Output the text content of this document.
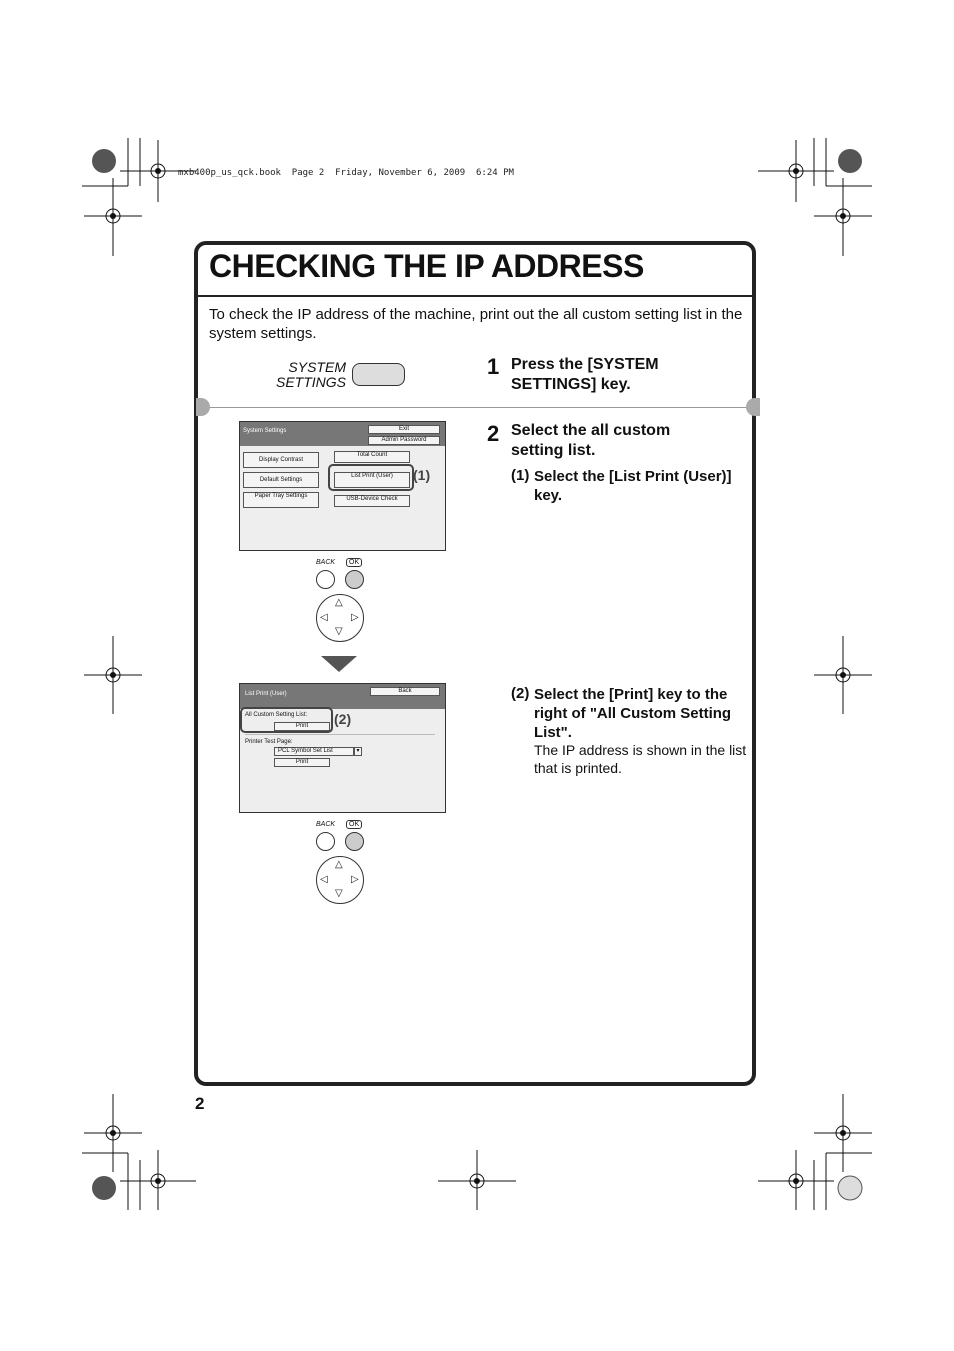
mxb400p_us_qck.book  Page 2  Friday, November 6, 2009  6:24 PM
CHECKING THE IP ADDRESS
To check the IP address of the machine, print out the all custom setting list in the system settings.
SYSTEM
SETTINGS
1 Press the [SYSTEM SETTINGS] key.
2 Select the all custom setting list.
(1) Select the [List Print (User)] key.
(2) Select the [Print] key to the right of "All Custom Setting List".
The IP address is shown in the list that is printed.
System Settings	Exit
Admin Password
Display Contrast
Default Settings
Paper Tray Settings
Total Count
List Print (User)
USB-Device Check
(1)
BACK	OK
△
▽
◁ ▷
List Print (User)	Back
All Custom Setting List:
Print
Printer Test Page:
PCL Symbol Set List	▾
Print
(2)
BACK	OK
△
▽
◁ ▷
2
